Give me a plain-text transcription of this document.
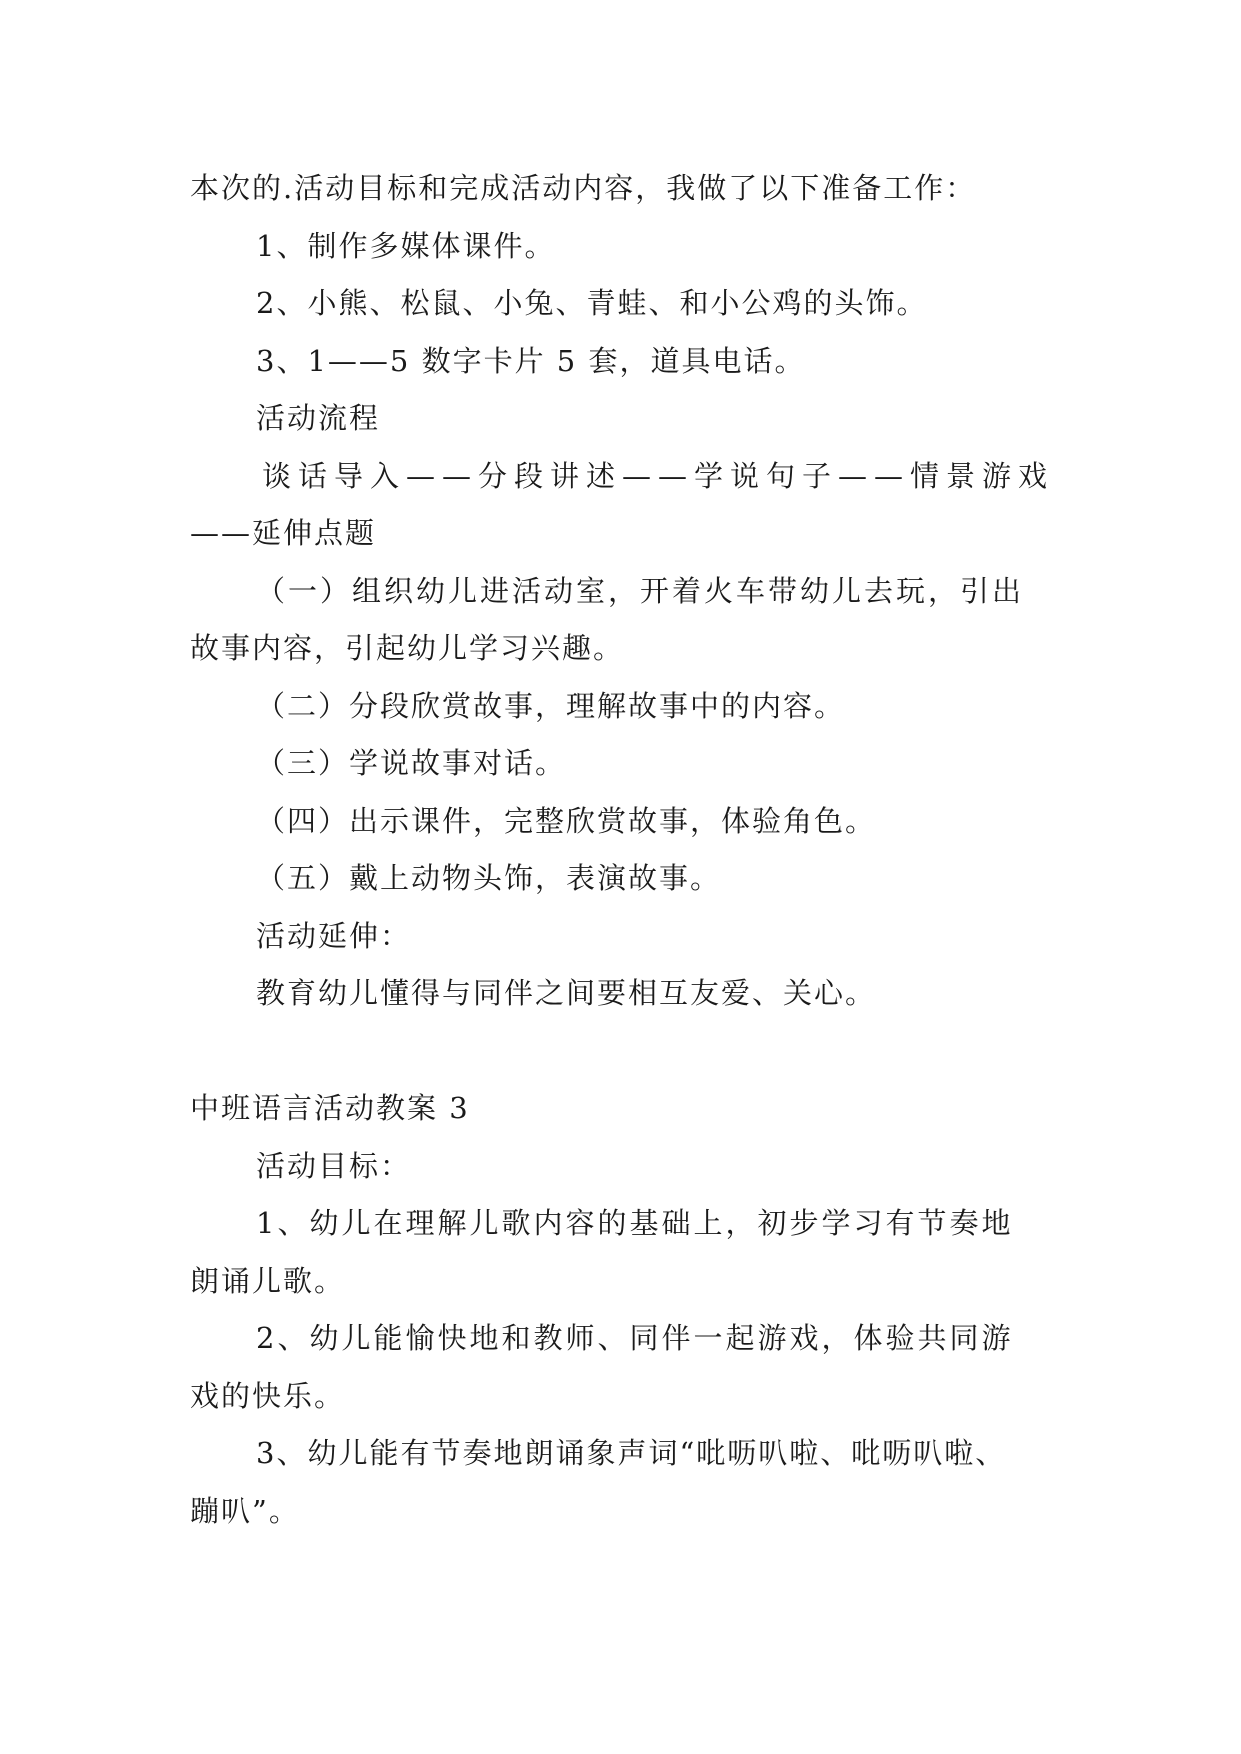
本次的.活动目标和完成活动内容，我做了以下准备工作：
1、制作多媒体课件。
2、小熊、松鼠、小兔、青蛙、和小公鸡的头饰。
3、1——5 数字卡片 5 套，道具电话。
活动流程
谈话导入——分段讲述——学说句子——情景游戏
——延伸点题
（一）组织幼儿进活动室，开着火车带幼儿去玩，引出
故事内容，引起幼儿学习兴趣。
（二）分段欣赏故事，理解故事中的内容。
（三）学说故事对话。
（四）出示课件，完整欣赏故事，体验角色。
（五）戴上动物头饰，表演故事。
活动延伸：
教育幼儿懂得与同伴之间要相互友爱、关心。
中班语言活动教案 3
活动目标：
1、幼儿在理解儿歌内容的基础上，初步学习有节奏地
朗诵儿歌。
2、幼儿能愉快地和教师、同伴一起游戏，体验共同游
戏的快乐。
3、幼儿能有节奏地朗诵象声词“吡呖叭啦、吡呖叭啦、
蹦叭”。
